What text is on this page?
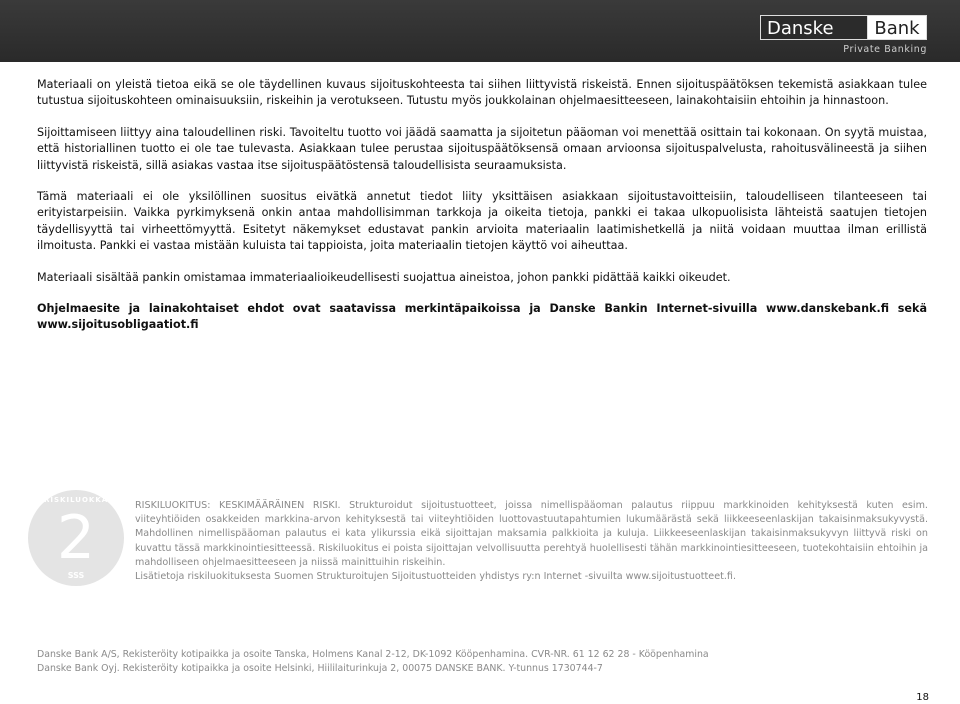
Danske	Bank
Private Banking

Materiaali on yleistä tietoa eikä se ole täydellinen kuvaus sijoituskohteesta tai siihen liittyvistä riskeistä. Ennen sijoituspäätöksen tekemistä asiakkaan tulee tutustua sijoituskohteen ominaisuuksiin, riskeihin ja verotukseen. Tutustu myös joukkolainan ohjelmaesitteeseen, lainakohtaisiin ehtoihin ja hinnastoon.

Sijoittamiseen liittyy aina taloudellinen riski. Tavoiteltu tuotto voi jäädä saamatta ja sijoitetun pääoman voi menettää osittain tai kokonaan. On syytä muistaa, että historiallinen tuotto ei ole tae tulevasta. Asiakkaan tulee perustaa sijoituspäätöksensä omaan arvioonsa sijoituspalvelusta, rahoitusvälineestä ja siihen liittyvistä riskeistä, sillä asiakas vastaa itse sijoituspäätöstensä taloudellisista seuraamuksista.

Tämä materiaali ei ole yksilöllinen suositus eivätkä annetut tiedot liity yksittäisen asiakkaan sijoitustavoitteisiin, taloudelliseen tilanteeseen tai erityistarpeisiin. Vaikka pyrkimyksenä onkin antaa mahdollisimman tarkkoja ja oikeita tietoja, pankki ei takaa ulkopuolisista lähteistä saatujen tietojen täydellisyyttä tai virheettömyyttä. Esitetyt näkemykset edustavat pankin arvioita materiaalin laatimishetkellä ja niitä voidaan muuttaa ilman erillistä ilmoitusta. Pankki ei vastaa mistään kuluista tai tappioista, joita materiaalin tietojen käyttö voi aiheuttaa.

Materiaali sisältää pankin omistamaa immateriaalioikeudellisesti suojattua aineistoa, johon pankki pidättää kaikki oikeudet.

Ohjelmaesite ja lainakohtaiset ehdot ovat saatavissa merkintäpaikoissa ja Danske Bankin Internet-sivuilla www.danskebank.fi sekä www.sijoitusobligaatiot.fi

RISKILUOKKA
2
SSS
RISKILUOKITUS: KESKIMÄÄRÄINEN RISKI. Strukturoidut sijoitustuotteet, joissa nimellispääoman palautus riippuu markkinoiden kehityksestä kuten esim. viiteyhtiöiden osakkeiden markkina-arvon kehityksestä tai viiteyhtiöiden luottovastuutapahtumien lukumäärästä sekä liikkeeseenlaskijan takaisinmaksukyvystä. Mahdollinen nimellispääoman palautus ei kata ylikurssia eikä sijoittajan maksamia palkkioita ja kuluja. Liikkeeseenlaskijan takaisinmaksukyvyn liittyvä riski on kuvattu tässä markkinointiesitteessä. Riskiluokitus ei poista sijoittajan velvollisuutta perehtyä huolellisesti tähän markkinointiesitteeseen, tuotekohtaisiin ehtoihin ja mahdolliseen ohjelmaesitteeseen ja niissä mainittuihin riskeihin.
Lisätietoja riskiluokituksesta Suomen Strukturoitujen Sijoitustuotteiden yhdistys ry:n Internet -sivuilta www.sijoitustuotteet.fi.
Danske Bank A/S, Rekisteröity kotipaikka ja osoite Tanska, Holmens Kanal 2-12, DK-1092 Kööpenhamina. CVR-NR. 61 12 62 28 - Kööpenhamina
Danske Bank Oyj. Rekisteröity kotipaikka ja osoite Helsinki, Hiililaiturinkuja 2, 00075 DANSKE BANK. Y-tunnus 1730744-7
18
